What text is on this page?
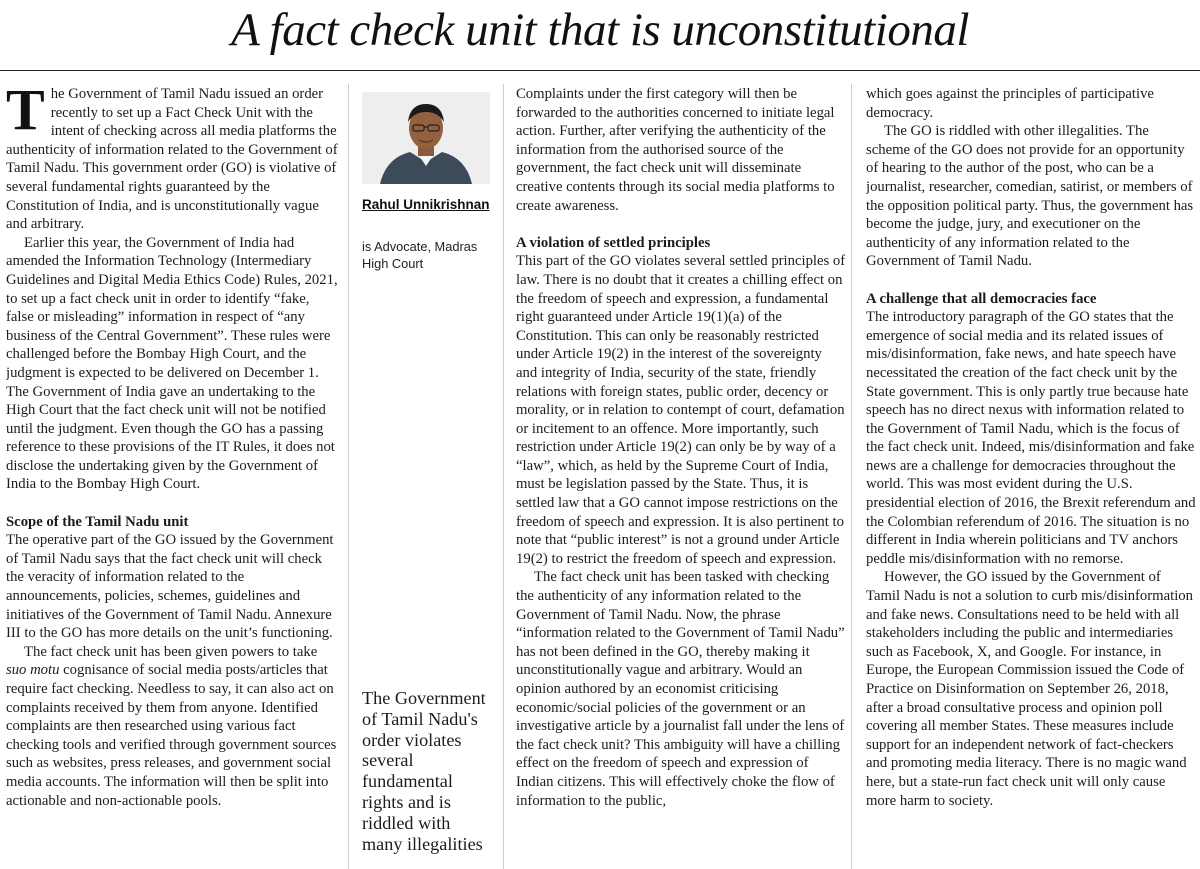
A fact check unit that is unconstitutional

The Government of Tamil Nadu issued an order recently to set up a Fact Check Unit with the intent of checking across all media platforms the authenticity of information related to the Government of Tamil Nadu. This government order (GO) is violative of several fundamental rights guaranteed by the Constitution of India, and is unconstitutionally vague and arbitrary.

Earlier this year, the Government of India had amended the Information Technology (Intermediary Guidelines and Digital Media Ethics Code) Rules, 2021, to set up a fact check unit in order to identify “fake, false or misleading” information in respect of “any business of the Central Government”. These rules were challenged before the Bombay High Court, and the judgment is expected to be delivered on December 1. The Government of India gave an undertaking to the High Court that the fact check unit will not be notified until the judgment. Even though the GO has a passing reference to these provisions of the IT Rules, it does not disclose the undertaking given by the Government of India to the Bombay High Court.

Scope of the Tamil Nadu unit

The operative part of the GO issued by the Government of Tamil Nadu says that the fact check unit will check the veracity of information related to the announcements, policies, schemes, guidelines and initiatives of the Government of Tamil Nadu. Annexure III to the GO has more details on the unit’s functioning.

The fact check unit has been given powers to take suo motu cognisance of social media posts/articles that require fact checking. Needless to say, it can also act on complaints received by them from anyone. Identified complaints are then researched using various fact checking tools and verified through government sources such as websites, press releases, and government social media accounts. The information will then be split into actionable and non-actionable pools.

Rahul Unnikrishnan
is Advocate, Madras High Court
The Government of Tamil Nadu's order violates several fundamental rights and is riddled with many illegalities

Complaints under the first category will then be forwarded to the authorities concerned to initiate legal action. Further, after verifying the authenticity of the information from the authorised source of the government, the fact check unit will disseminate creative contents through its social media platforms to create awareness.

A violation of settled principles

This part of the GO violates several settled principles of law. There is no doubt that it creates a chilling effect on the freedom of speech and expression, a fundamental right guaranteed under Article 19(1)(a) of the Constitution. This can only be reasonably restricted under Article 19(2) in the interest of the sovereignty and integrity of India, security of the state, friendly relations with foreign states, public order, decency or morality, or in relation to contempt of court, defamation or incitement to an offence. More importantly, such restriction under Article 19(2) can only be by way of a “law”, which, as held by the Supreme Court of India, must be legislation passed by the State. Thus, it is settled law that a GO cannot impose restrictions on the freedom of speech and expression. It is also pertinent to note that “public interest” is not a ground under Article 19(2) to restrict the freedom of speech and expression.

The fact check unit has been tasked with checking the authenticity of any information related to the Government of Tamil Nadu. Now, the phrase “information related to the Government of Tamil Nadu” has not been defined in the GO, thereby making it unconstitutionally vague and arbitrary. Would an opinion authored by an economist criticising economic/social policies of the government or an investigative article by a journalist fall under the lens of the fact check unit? This ambiguity will have a chilling effect on the freedom of speech and expression of Indian citizens. This will effectively choke the flow of information to the public,

which goes against the principles of participative democracy.

The GO is riddled with other illegalities. The scheme of the GO does not provide for an opportunity of hearing to the author of the post, who can be a journalist, researcher, comedian, satirist, or members of the opposition political party. Thus, the government has become the judge, jury, and executioner on the authenticity of any information related to the Government of Tamil Nadu.

A challenge that all democracies face

The introductory paragraph of the GO states that the emergence of social media and its related issues of mis/disinformation, fake news, and hate speech have necessitated the creation of the fact check unit by the State government. This is only partly true because hate speech has no direct nexus with information related to the Government of Tamil Nadu, which is the focus of the fact check unit. Indeed, mis/disinformation and fake news are a challenge for democracies throughout the world. This was most evident during the U.S. presidential election of 2016, the Brexit referendum and the Colombian referendum of 2016. The situation is no different in India wherein politicians and TV anchors peddle mis/disinformation with no remorse.

However, the GO issued by the Government of Tamil Nadu is not a solution to curb mis/disinformation and fake news. Consultations need to be held with all stakeholders including the public and intermediaries such as Facebook, X, and Google. For instance, in Europe, the European Commission issued the Code of Practice on Disinformation on September 26, 2018, after a broad consultative process and opinion poll covering all member States. These measures include support for an independent network of fact-checkers and promoting media literacy. There is no magic wand here, but a state-run fact check unit will only cause more harm to society.
